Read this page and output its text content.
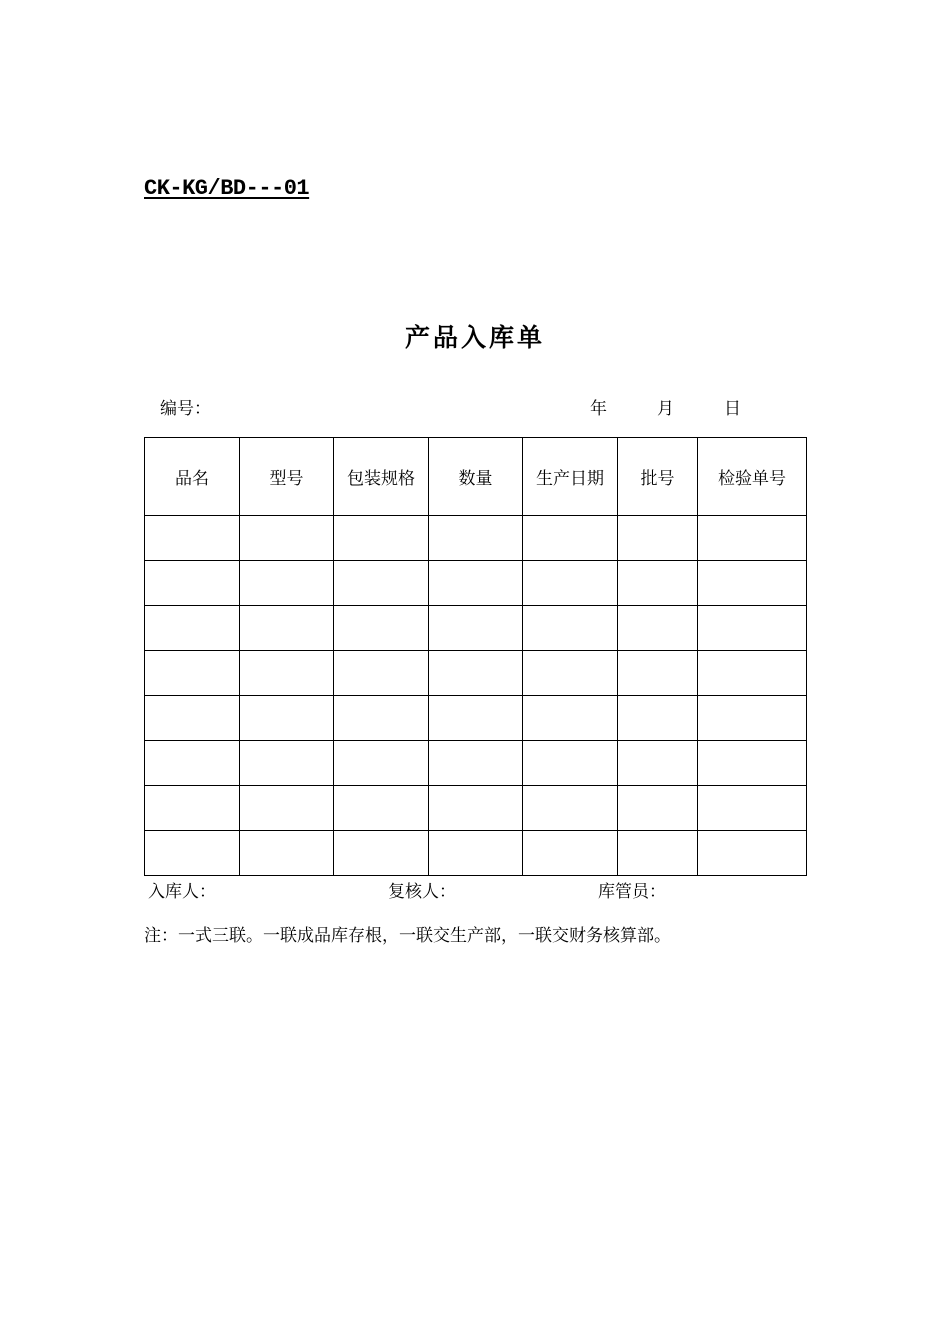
CK-KG/BD---01
产品入库单
编号：	年	月	日
品名	型号	包装规格	数量	生产日期	批号	检验单号

入库人：	复核人：	库管员：
注：一式三联。一联成品库存根，一联交生产部，一联交财务核算部。
